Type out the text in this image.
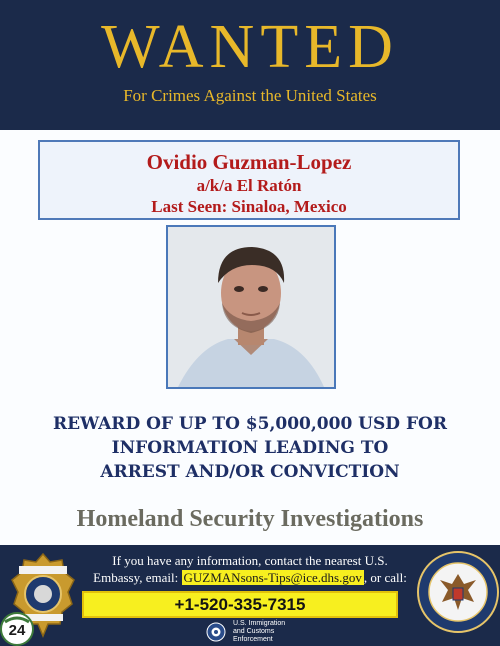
WANTED
For Crimes Against the United States
Ovidio Guzman-Lopez
a/k/a El Ratón
Last Seen: Sinaloa, Mexico
REWARD OF UP TO $5,000,000 USD FOR
INFORMATION LEADING TO
ARREST AND/OR CONVICTION
Homeland Security Investigations
If you have any information, contact the nearest U.S.
Embassy, email: GUZMANsons-Tips@ice.dhs.gov , or call:
+1-520-335-7315
U.S. Immigration
and Customs
Enforcement
24
